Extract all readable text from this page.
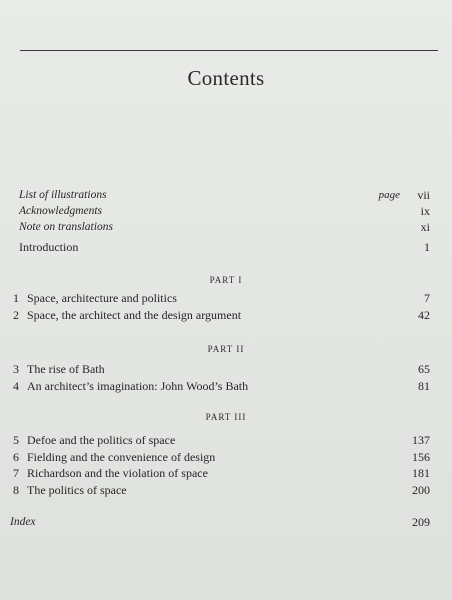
Contents
List of illustrations	page vii
Acknowledgments	ix
Note on translations	xi
Introduction	1
PART I
1 Space, architecture and politics	7
2 Space, the architect and the design argument	42
PART II
3 The rise of Bath	65
4 An architect’s imagination: John Wood’s Bath	81
PART III
5 Defoe and the politics of space	137
6 Fielding and the convenience of design	156
7 Richardson and the violation of space	181
8 The politics of space	200
Index	209
